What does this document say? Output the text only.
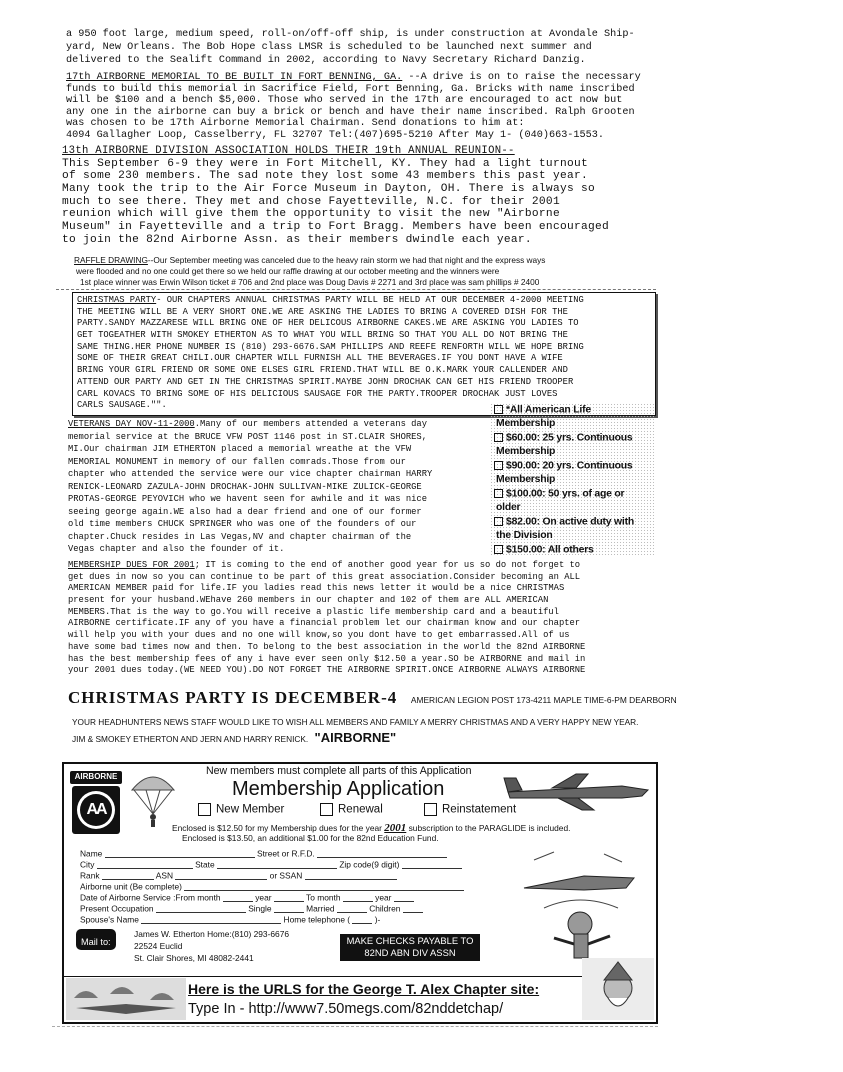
a 950 foot large, medium speed, roll-on/off-off ship, is under construction at Avondale Ship-
yard, New Orleans. The Bob Hope class LMSR is scheduled to be launched next summer and
delivered to the Sealift Command in 2002, according to Navy Secretary Richard Danzig.
17th AIRBORNE MEMORIAL TO BE BUILT IN FORT BENNING, GA. --A drive is on to raise the necessary
funds to build this memorial in Sacrifice Field, Fort Benning, Ga. Bricks with name inscribed
will be $100 and a bench $5,000. Those who served in the 17th are encouraged to act now but
any one in the airborne can buy a brick or bench and have their name inscribed. Ralph Grooten
was chosen to be 17th Airborne Memorial Chairman. Send donations to him at:
4094 Gallagher Loop, Casselberry, FL 32707 Tel:(407)695-5210 After May 1- (040)663-1553.
13th AIRBORNE DIVISION ASSOCIATION HOLDS THEIR 19th ANNUAL REUNION--
This September 6-9 they were in Fort Mitchell, KY. They had a light turnout
of some 230 members. The sad note they lost some 43 members this past year.
Many took the trip to the Air Force Museum in Dayton, OH. There is always so
much to see there. They met and chose Fayetteville, N.C. for their 2001
reunion which will give them the opportunity to visit the new "Airborne
Museum" in Fayetteville and a trip to Fort Bragg. Members have been encouraged
to join the 82nd Airborne Assn. as their members dwindle each year.
RAFFLE DRAWING--Our September meeting was canceled due to the heavy rain storm we had that night and the express ways
were flooded and no one could get there so we held our raffle drawing at our october meeting and the winners were
1st place winner was Erwin Wilson ticket # 706 and 2nd place was Doug Davis # 2271 and 3rd place was sam phillips # 2400
CHRISTMAS PARTY- OUR CHAPTERS ANNUAL CHRISTMAS PARTY WILL BE HELD AT OUR DECEMBER 4-2000 MEETING
THE MEETING WILL BE A VERY SHORT ONE.WE ARE ASKING THE LADIES TO BRING A COVERED DISH FOR THE
PARTY.SANDY MAZZARESE WILL BRING ONE OF HER DELICOUS AIRBORNE CAKES.WE ARE ASKING YOU LADIES TO
GET TOGEATHER WITH SMOKEY ETHERTON AS TO WHAT YOU WILL BRING SO THAT YOU ALL DO NOT BRING THE
SAME THING.HER PHONE NUMBER IS (810) 293-6676.SAM PHILLIPS AND REEFE RENFORTH WILL WE HOPE BRING
SOME OF THEIR GREAT CHILI.OUR CHAPTER WILL FURNISH ALL THE BEVERAGES.IF YOU DONT HAVE A WIFE
BRING YOUR GIRL FRIEND OR SOME ONE ELSES GIRL FRIEND.THAT WILL BE O.K.MARK YOUR CALLENDER AND
ATTEND OUR PARTY AND GET IN THE CHRISTMAS SPIRIT.MAYBE JOHN DROCHAK CAN GET HIS FRIEND TROOPER
CARL KOVACS TO BRING SOME OF HIS DELICIOUS SAUSAGE FOR THE PARTY.TROOPER DROCHAK JUST LOVES
CARLS SAUSAGE."".
VETERANS DAY NOV-11-2000.Many of our members attended a veterans day
memorial service at the BRUCE VFW POST 1146 post in ST.CLAIR SHORES,
MI.Our chairman JIM ETHERTON placed a memorial wreathe at the VFW
MEMORIAL MONUMENT in memory of our fallen comrads.Those from our
chapter who attended the service were our vice chapter chairman HARRY
RENICK-LEONARD ZAZULA-JOHN DROCHAK-JOHN SULLIVAN-MIKE ZULICK-GEORGE
PROTAS-GEORGE PEYOVICH who we havent seen for awhile and it was nice
seeing george again.WE also had a dear friend and one of our former
old time members CHUCK SPRINGER who was one of the founders of our
chapter.Chuck resides in Las Vegas,NV and chapter chairman of the
Vegas chapter and also the founder of it.
*All American Life
Membership
$60.00: 25 yrs. Continuous
Membership
$90.00: 20 yrs. Continuous
Membership
$100.00: 50 yrs. of age or
older
$82.00: On active duty with
the Division
$150.00: All others
MEMBERSHIP DUES FOR 2001; IT is coming to the end of another good year for us so do not forget to
get dues in now so you can continue to be part of this great association.Consider becoming an ALL
AMERICAN MEMBER paid for life.IF you ladies read this news letter it would be a nice CHRISTMAS
present for your husband.WEhave 260 members in our chapter and 102 of them are ALL AMERICAN
MEMBERS.That is the way to go.You will receive a plastic life membership card and a beautiful
AIRBORNE certificate.IF any of you have a financial problem let our chairman know and our chapter
will help you with your dues and no one will know,so you dont have to get embarrassed.All of us
have some bad times now and then. To belong to the best association in the world the 82nd AIRBORNE
has the best membership fees of any i have ever seen only $12.50 a year.SO be AIRBORNE and mail in
your 2001 dues today.(WE NEED YOU).DO NOT FORGET THE AIRBORNE SPIRIT.ONCE AIRBORNE ALWAYS AIRBORNE
CHRISTMAS PARTY IS DECEMBER-4 AMERICAN LEGION POST 173-4211 MAPLE TIME-6-PM DEARBORN
YOUR HEADHUNTERS NEWS STAFF WOULD LIKE TO WISH ALL MEMBERS AND FAMILY A MERRY CHRISTMAS AND A VERY HAPPY NEW YEAR.
JIM & SMOKEY ETHERTON AND JERN AND HARRY RENICK. "AIRBORNE"
AIRBORNE
AA
New members must complete all parts of this Application
Membership Application
New Member	Renewal	Reinstatement
Enclosed is $12.50 for my Membership dues for the year 2001 subscription to the PARAGLIDE is included.
Enclosed is $13.50, an additional $1.00 for the 82nd Education Fund.
Name	Street or R.F.D.
City	State	Zip code(9 digit)
Rank	ASN	or SSAN
Airborne unit (Be complete)
Date of Airborne Service :From month	year	To month	year
Present Occupation	Single	Married	Children
Spouse's Name	Home telephone (	)-
Mail to:
James W. Etherton Home:(810) 293-6676
22524 Euclid
St. Clair Shores, MI 48082-2441
MAKE CHECKS PAYABLE TO
82ND ABN DIV ASSN
Here is the URLS for the George T. Alex Chapter site:
Type In - http://www7.50megs.com/82nddetchap/
